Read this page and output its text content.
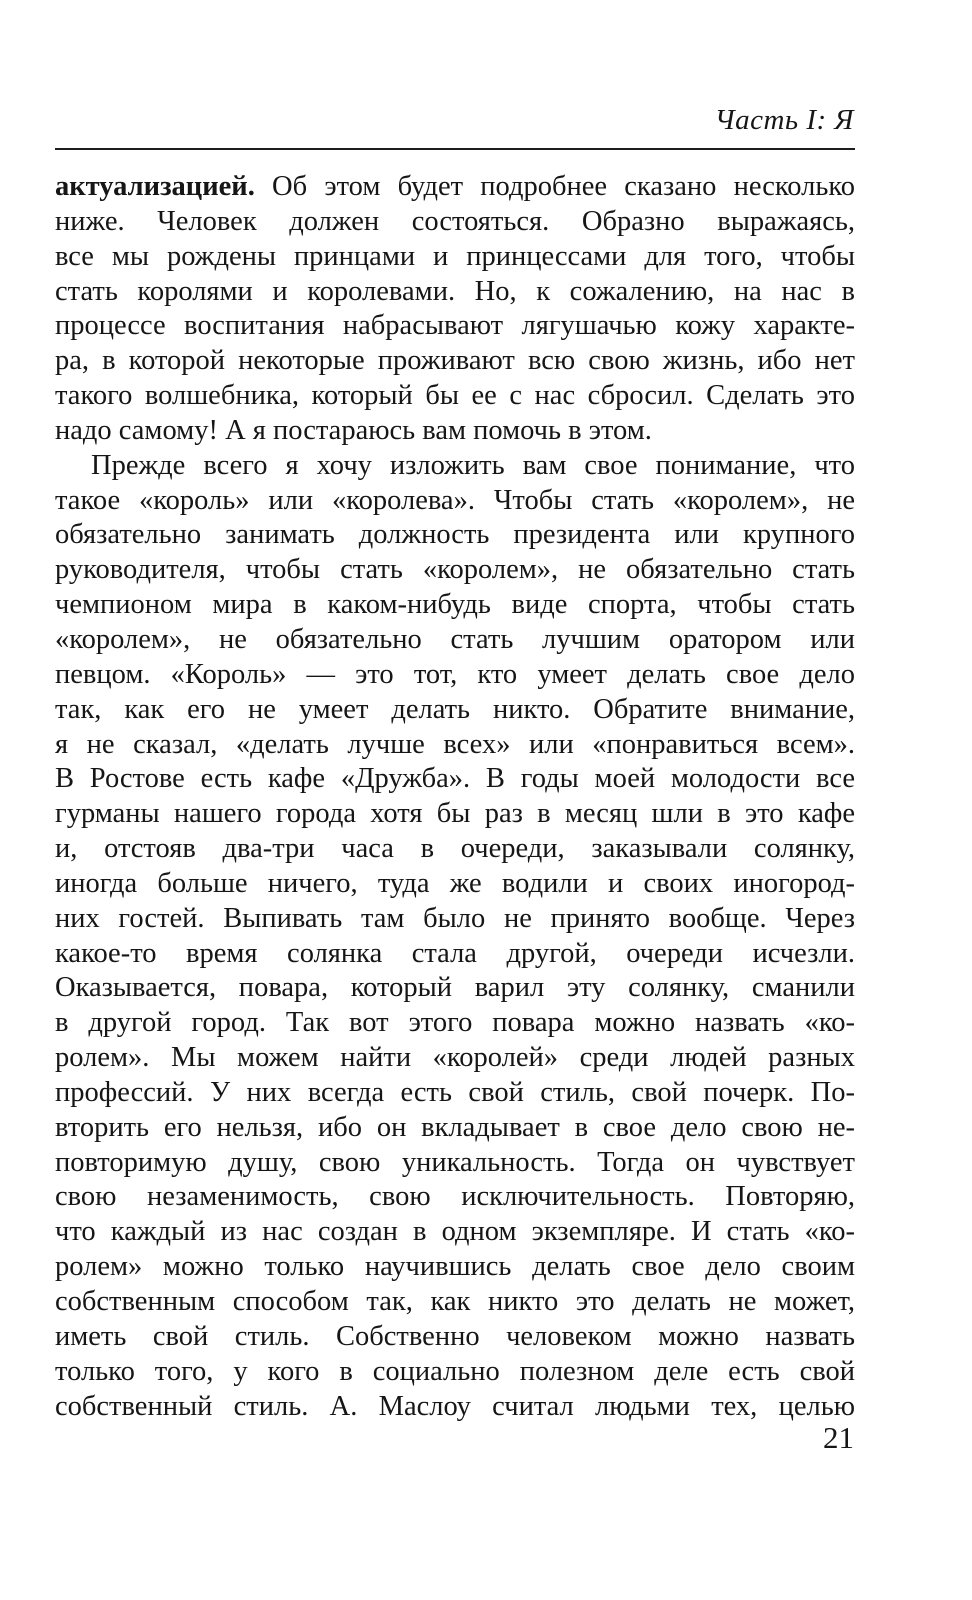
Часть I: Я
актуализацией. Об этом будет подробнее сказано несколько
ниже. Человек должен состояться. Образно выражаясь,
все мы рождены принцами и принцессами для того, чтобы
стать королями и королевами. Но, к сожалению, на нас в
процессе воспитания набрасывают лягушачью кожу характе-
ра, в которой некоторые проживают всю свою жизнь, ибо нет
такого волшебника, который бы ее с нас сбросил. Сделать это
надо самому! А я постараюсь вам помочь в этом.
Прежде всего я хочу изложить вам свое понимание, что
такое «король» или «королева». Чтобы стать «королем», не
обязательно занимать должность президента или крупного
руководителя, чтобы стать «королем», не обязательно стать
чемпионом мира в каком-нибудь виде спорта, чтобы стать
«королем», не обязательно стать лучшим оратором или
певцом. «Король» — это тот, кто умеет делать свое дело
так, как его не умеет делать никто. Обратите внимание,
я не сказал, «делать лучше всех» или «понравиться всем».
В Ростове есть кафе «Дружба». В годы моей молодости все
гурманы нашего города хотя бы раз в месяц шли в это кафе
и, отстояв два-три часа в очереди, заказывали солянку,
иногда больше ничего, туда же водили и своих иногород-
них гостей. Выпивать там было не принято вообще. Через
какое-то время солянка стала другой, очереди исчезли.
Оказывается, повара, который варил эту солянку, сманили
в другой город. Так вот этого повара можно назвать «ко-
ролем». Мы можем найти «королей» среди людей разных
профессий. У них всегда есть свой стиль, свой почерк. По-
вторить его нельзя, ибо он вкладывает в свое дело свою не-
повторимую душу, свою уникальность. Тогда он чувствует
свою незаменимость, свою исключительность. Повторяю,
что каждый из нас создан в одном экземпляре. И стать «ко-
ролем» можно только научившись делать свое дело своим
собственным способом так, как никто это делать не может,
иметь свой стиль. Собственно человеком можно назвать
только того, у кого в социально полезном деле есть свой
собственный стиль. А. Маслоу считал людьми тех, целью
21
